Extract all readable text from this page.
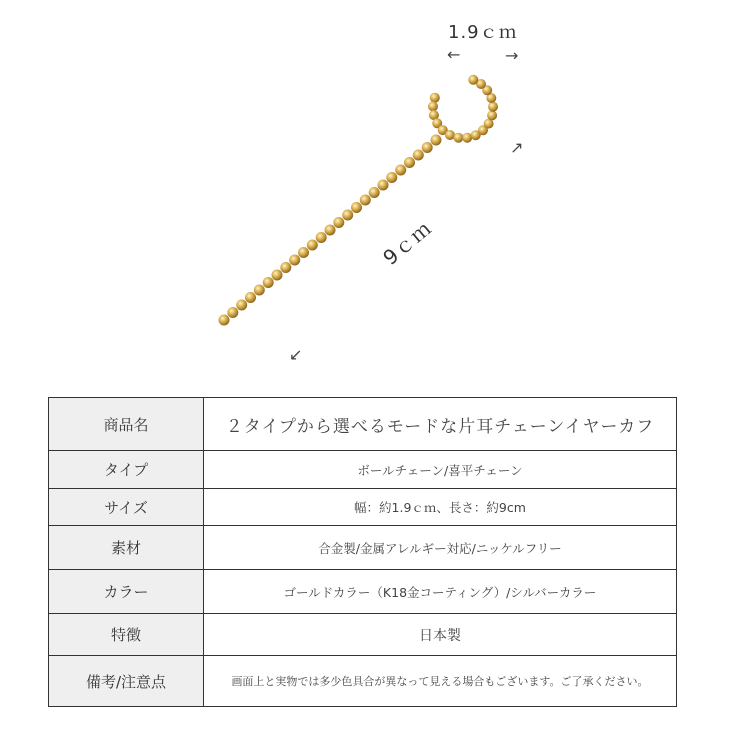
1.9ｃｍ
←	→
↗
9ｃｍ
↙
商品名	２タイプから選べるモードな片耳チェーンイヤーカフ
タイプ	ボールチェーン/喜平チェーン
サイズ	幅：約1.9ｃｍ、長さ：約9cm
素材	合金製/金属アレルギー対応/ニッケルフリー
カラー	ゴールドカラー（K18金コーティング）/シルバーカラー
特徴	日本製
備考/注意点	画面上と実物では多少色具合が異なって見える場合もございます。ご了承ください。
